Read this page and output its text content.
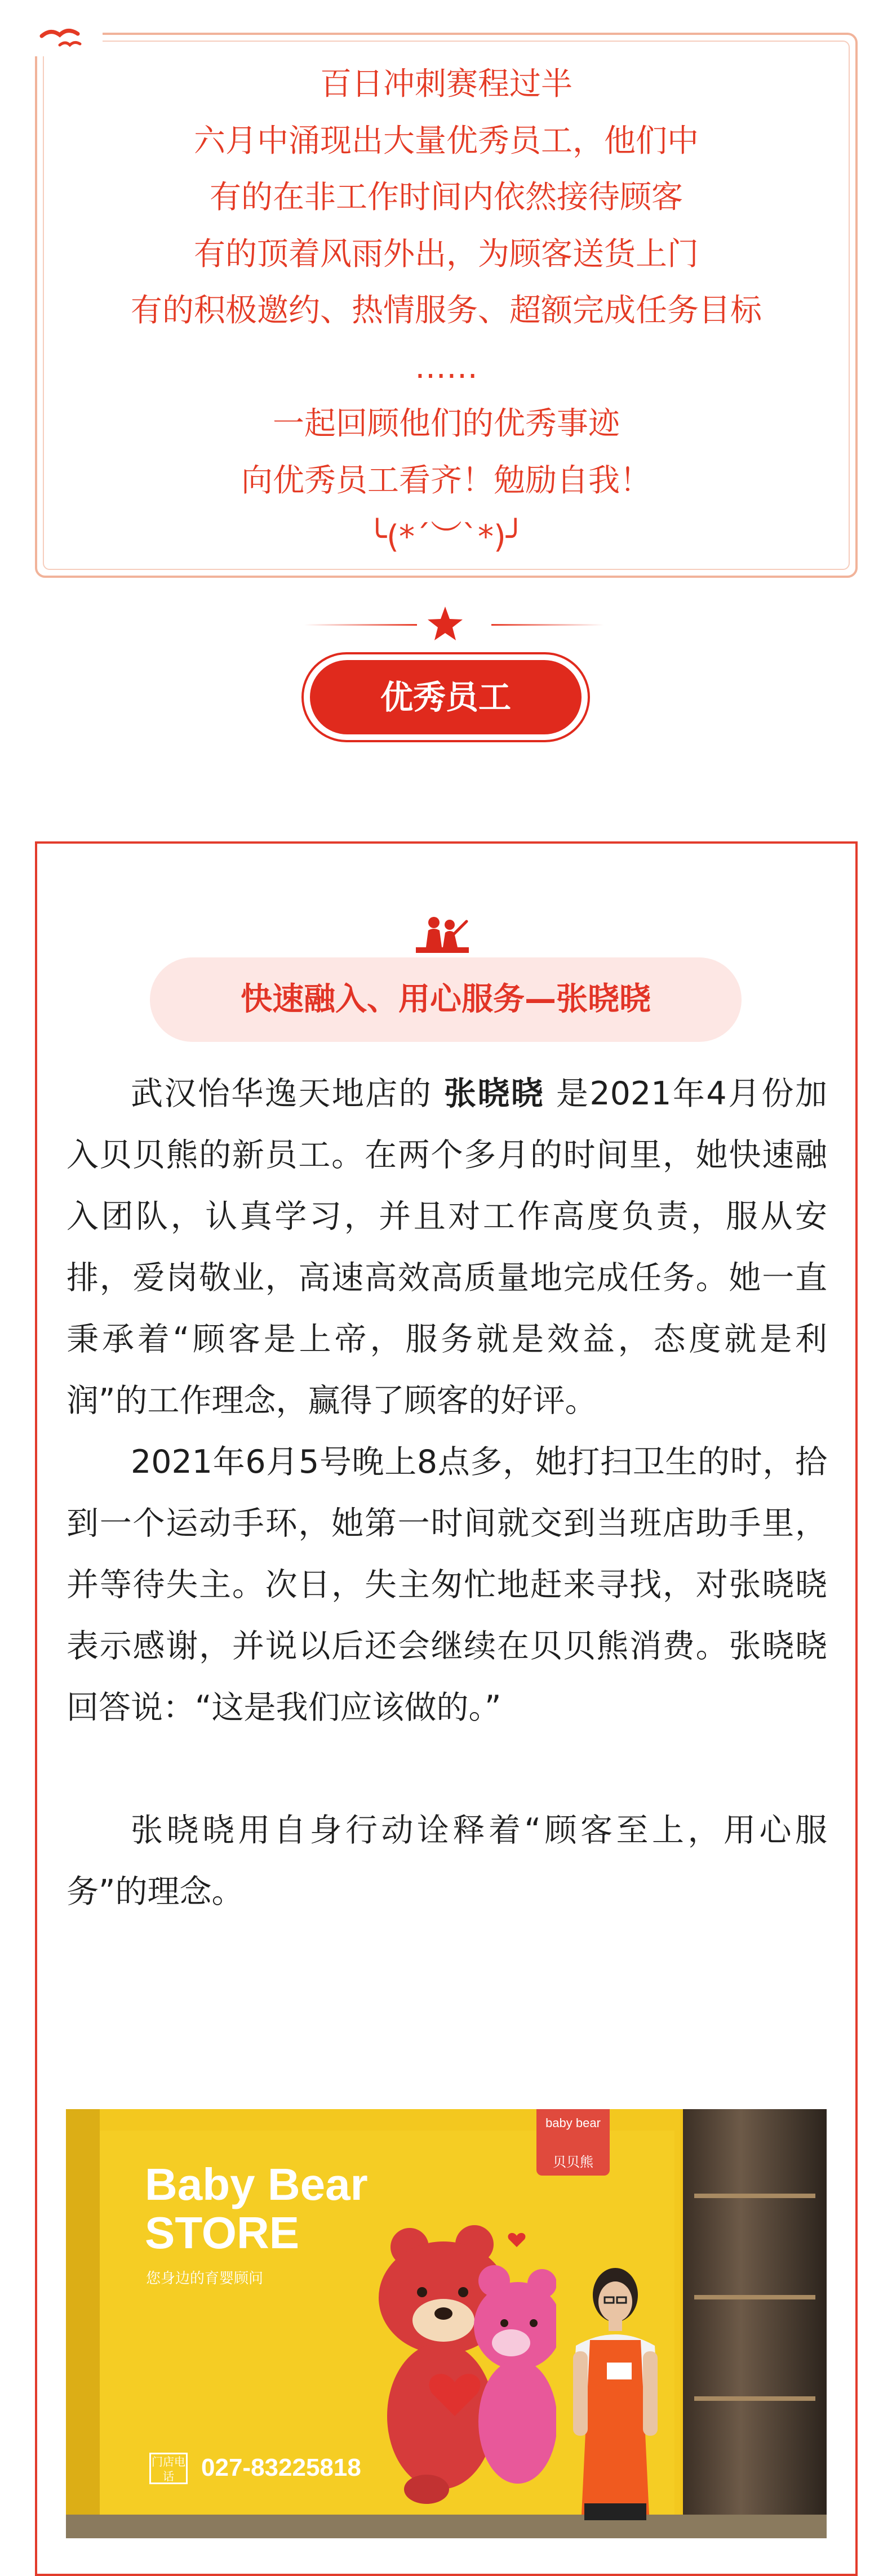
百日冲刺赛程过半
六月中涌现出大量优秀员工，他们中
有的在非工作时间内依然接待顾客
有的顶着风雨外出，为顾客送货上门
有的积极邀约、热情服务、超额完成任务目标
……
一起回顾他们的优秀事迹
向优秀员工看齐！勉励自我！
╰(*´︶`*)╯
优秀员工
快速融入、用心服务—张晓晓

武汉怡华逸天地店的 张晓晓 是2021年4月份加入贝贝熊的新员工。在两个多月的时间里，她快速融入团队，认真学习，并且对工作高度负责，服从安排，爱岗敬业，高速高效高质量地完成任务。她一直秉承着“顾客是上帝，服务就是效益，态度就是利润”的工作理念，赢得了顾客的好评。

2021年6月5号晚上8点多，她打扫卫生的时，拾到一个运动手环，她第一时间就交到当班店助手里，并等待失主。次日，失主匆忙地赶来寻找，对张晓晓表示感谢，并说以后还会继续在贝贝熊消费。张晓晓回答说：“这是我们应该做的。”

张晓晓用自身行动诠释着“顾客至上，用心服务”的理念。

Baby Bear
STORE
您身边的育婴顾问
门店电话	027-83225818
baby bear
贝贝熊
